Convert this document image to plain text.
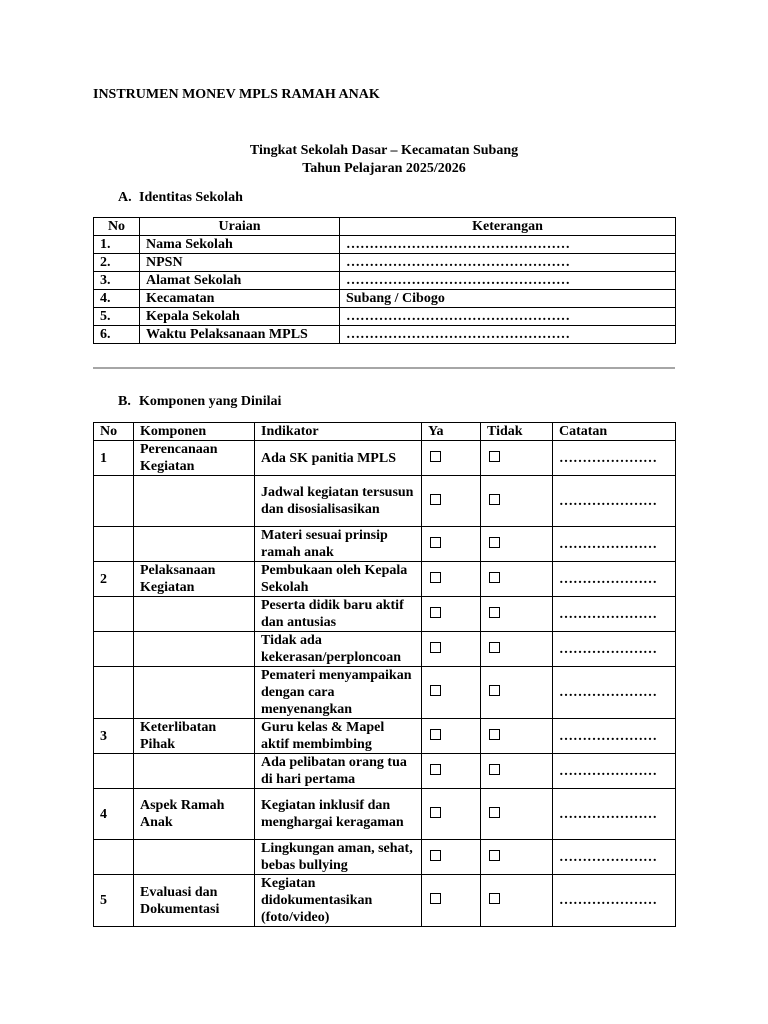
INSTRUMEN MONEV MPLS RAMAH ANAK
Tingkat Sekolah Dasar – Kecamatan Subang
Tahun Pelajaran 2025/2026
A. Identitas Sekolah
No	Uraian	Keterangan
1.	Nama Sekolah	…………………………………………
2.	NPSN	…………………………………………
3.	Alamat Sekolah	…………………………………………
4.	Kecamatan	Subang / Cibogo
5.	Kepala Sekolah	…………………………………………
6.	Waktu Pelaksanaan MPLS	…………………………………………
B. Komponen yang Dinilai
No	Komponen	Indikator	Ya	Tidak	Catatan
1	Perencanaan Kegiatan	Ada SK panitia MPLS			…………………
		Jadwal kegiatan tersusun dan disosialisasikan			…………………
		Materi sesuai prinsip ramah anak			…………………
2	Pelaksanaan Kegiatan	Pembukaan oleh Kepala Sekolah			…………………
		Peserta didik baru aktif dan antusias			…………………
		Tidak ada kekerasan/perploncoan			…………………
		Pemateri menyampaikan dengan cara menyenangkan			…………………
3	Keterlibatan Pihak	Guru kelas & Mapel aktif membimbing			…………………
		Ada pelibatan orang tua di hari pertama			…………………
4	Aspek Ramah Anak	Kegiatan inklusif dan menghargai keragaman			…………………
		Lingkungan aman, sehat, bebas bullying			…………………
5	Evaluasi dan Dokumentasi	Kegiatan didokumentasikan (foto/video)			…………………
